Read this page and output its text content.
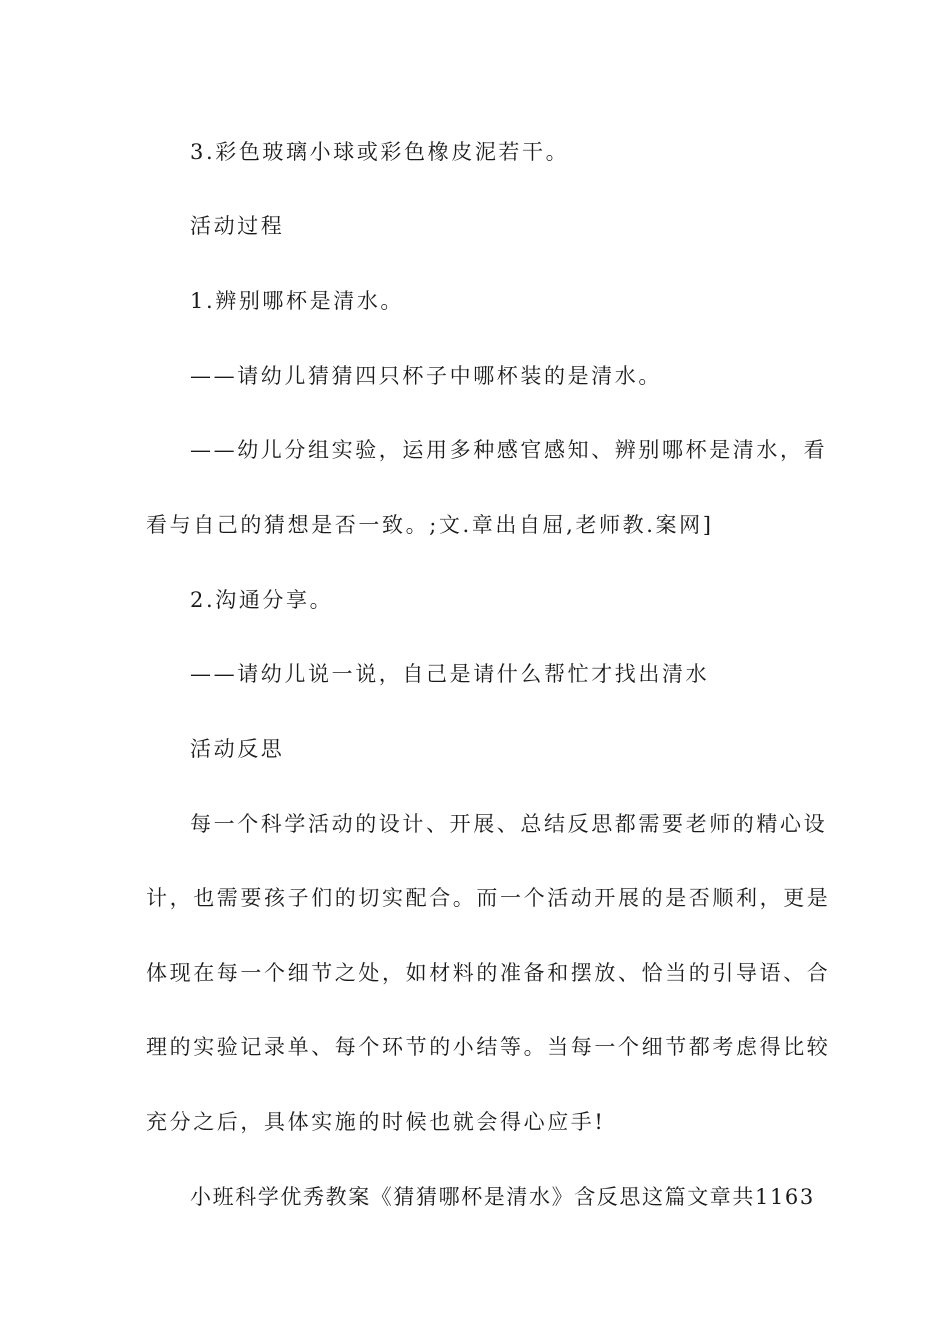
3.彩色玻璃小球或彩色橡皮泥若干。
活动过程
1.辨别哪杯是清水。
——请幼儿猜猜四只杯子中哪杯装的是清水。
——幼儿分组实验，运用多种感官感知、辨别哪杯是清水，看
看与自己的猜想是否一致。;文.章出自屈,老师教.案网]
2.沟通分享。
——请幼儿说一说，自己是请什么帮忙才找出清水
活动反思
每一个科学活动的设计、开展、总结反思都需要老师的精心设
计，也需要孩子们的切实配合。而一个活动开展的是否顺利，更是
体现在每一个细节之处，如材料的准备和摆放、恰当的引导语、合
理的实验记录单、每个环节的小结等。当每一个细节都考虑得比较
充分之后，具体实施的时候也就会得心应手!
小班科学优秀教案《猜猜哪杯是清水》含反思这篇文章共1163
